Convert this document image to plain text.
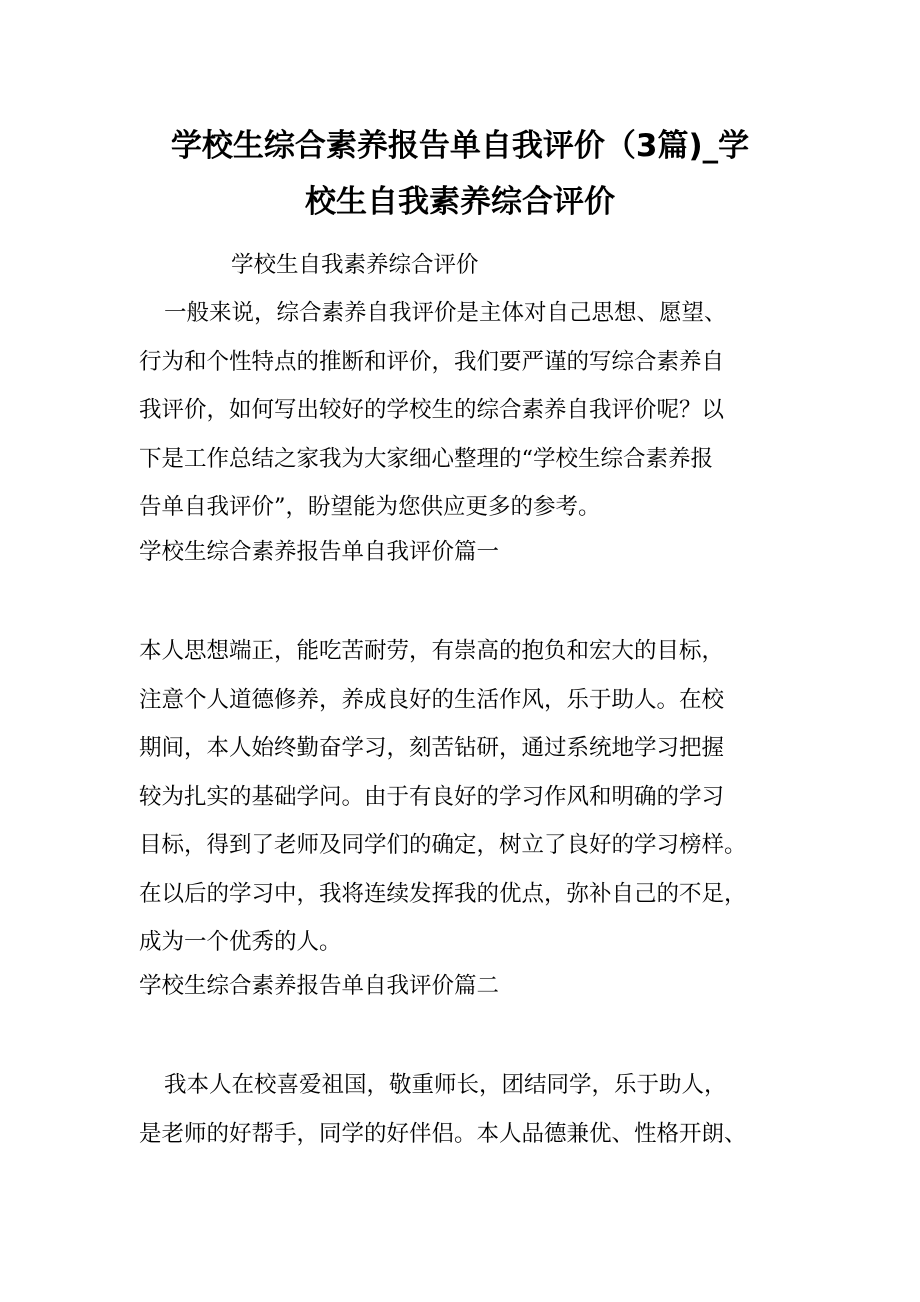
学校生综合素养报告单自我评价（3篇)_学
校生自我素养综合评价

学校生自我素养综合评价

一般来说，综合素养自我评价是主体对自己思想、愿望、
行为和个性特点的推断和评价，我们要严谨的写综合素养自
我评价，如何写出较好的学校生的综合素养自我评价呢？以
下是工作总结之家我为大家细心整理的“学校生综合素养报
告单自我评价”，盼望能为您供应更多的参考。

学校生综合素养报告单自我评价篇一

本人思想端正，能吃苦耐劳，有崇高的抱负和宏大的目标，
注意个人道德修养，养成良好的生活作风，乐于助人。在校
期间，本人始终勤奋学习，刻苦钻研，通过系统地学习把握
较为扎实的基础学问。由于有良好的学习作风和明确的学习
目标，得到了老师及同学们的确定，树立了良好的学习榜样。
在以后的学习中，我将连续发挥我的优点，弥补自己的不足，
成为一个优秀的人。

学校生综合素养报告单自我评价篇二

我本人在校喜爱祖国，敬重师长，团结同学，乐于助人，
是老师的好帮手，同学的好伴侣。本人品德兼优、性格开朗、
